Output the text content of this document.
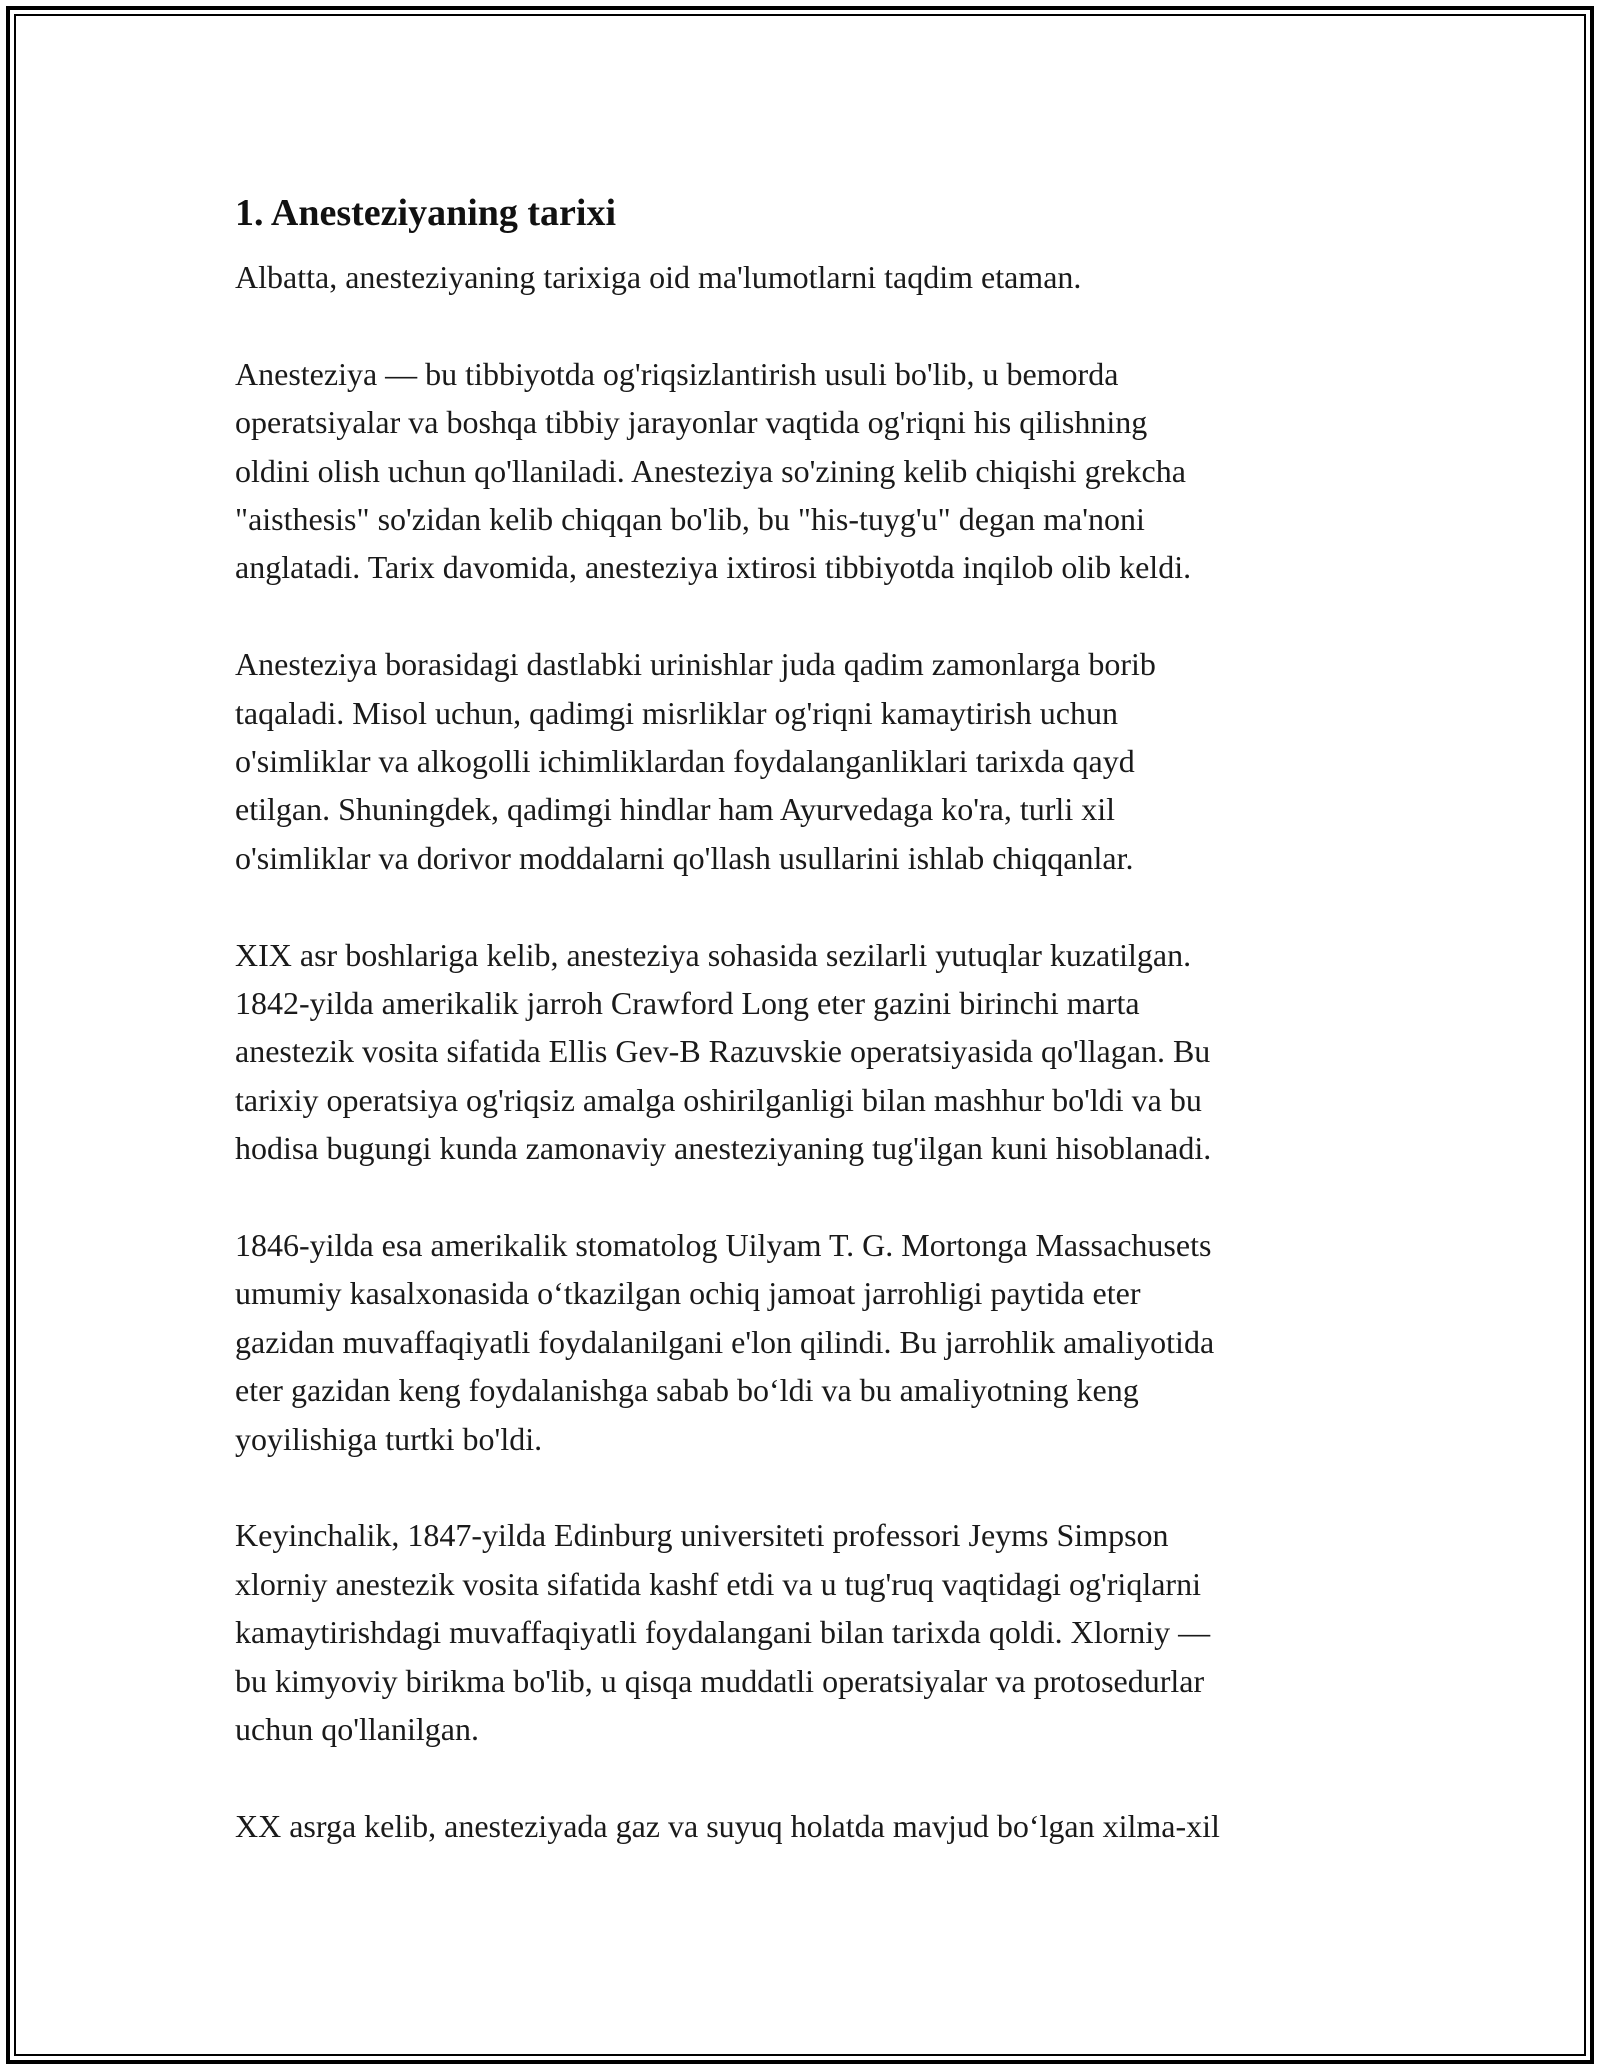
1. Anesteziyaning tarixi

Albatta, anesteziyaning tarixiga oid ma'lumotlarni taqdim etaman.

Anesteziya — bu tibbiyotda og'riqsizlantirish usuli bo'lib, u bemorda
operatsiyalar va boshqa tibbiy jarayonlar vaqtida og'riqni his qilishning
oldini olish uchun qo'llaniladi. Anesteziya so'zining kelib chiqishi grekcha
"aisthesis" so'zidan kelib chiqqan bo'lib, bu "his-tuyg'u" degan ma'noni
anglatadi. Tarix davomida, anesteziya ixtirosi tibbiyotda inqilob olib keldi.

Anesteziya borasidagi dastlabki urinishlar juda qadim zamonlarga borib
taqaladi. Misol uchun, qadimgi misrliklar og'riqni kamaytirish uchun
o'simliklar va alkogolli ichimliklardan foydalanganliklari tarixda qayd
etilgan. Shuningdek, qadimgi hindlar ham Ayurvedaga ko'ra, turli xil
o'simliklar va dorivor moddalarni qo'llash usullarini ishlab chiqqanlar.

XIX asr boshlariga kelib, anesteziya sohasida sezilarli yutuqlar kuzatilgan.
1842-yilda amerikalik jarroh Crawford Long eter gazini birinchi marta
anestezik vosita sifatida Ellis Gev-B Razuvskie operatsiyasida qo'llagan. Bu
tarixiy operatsiya og'riqsiz amalga oshirilganligi bilan mashhur bo'ldi va bu
hodisa bugungi kunda zamonaviy anesteziyaning tug'ilgan kuni hisoblanadi.

1846-yilda esa amerikalik stomatolog Uilyam T. G. Mortonga Massachusets
umumiy kasalxonasida oʻtkazilgan ochiq jamoat jarrohligi paytida eter
gazidan muvaffaqiyatli foydalanilgani e'lon qilindi. Bu jarrohlik amaliyotida
eter gazidan keng foydalanishga sabab boʻldi va bu amaliyotning keng
yoyilishiga turtki bo'ldi.

Keyinchalik, 1847-yilda Edinburg universiteti professori Jeyms Simpson
xlorniy anestezik vosita sifatida kashf etdi va u tug'ruq vaqtidagi og'riqlarni
kamaytirishdagi muvaffaqiyatli foydalangani bilan tarixda qoldi. Xlorniy —
bu kimyoviy birikma bo'lib, u qisqa muddatli operatsiyalar va protosedurlar
uchun qo'llanilgan.

XX asrga kelib, anesteziyada gaz va suyuq holatda mavjud boʻlgan xilma-xil
